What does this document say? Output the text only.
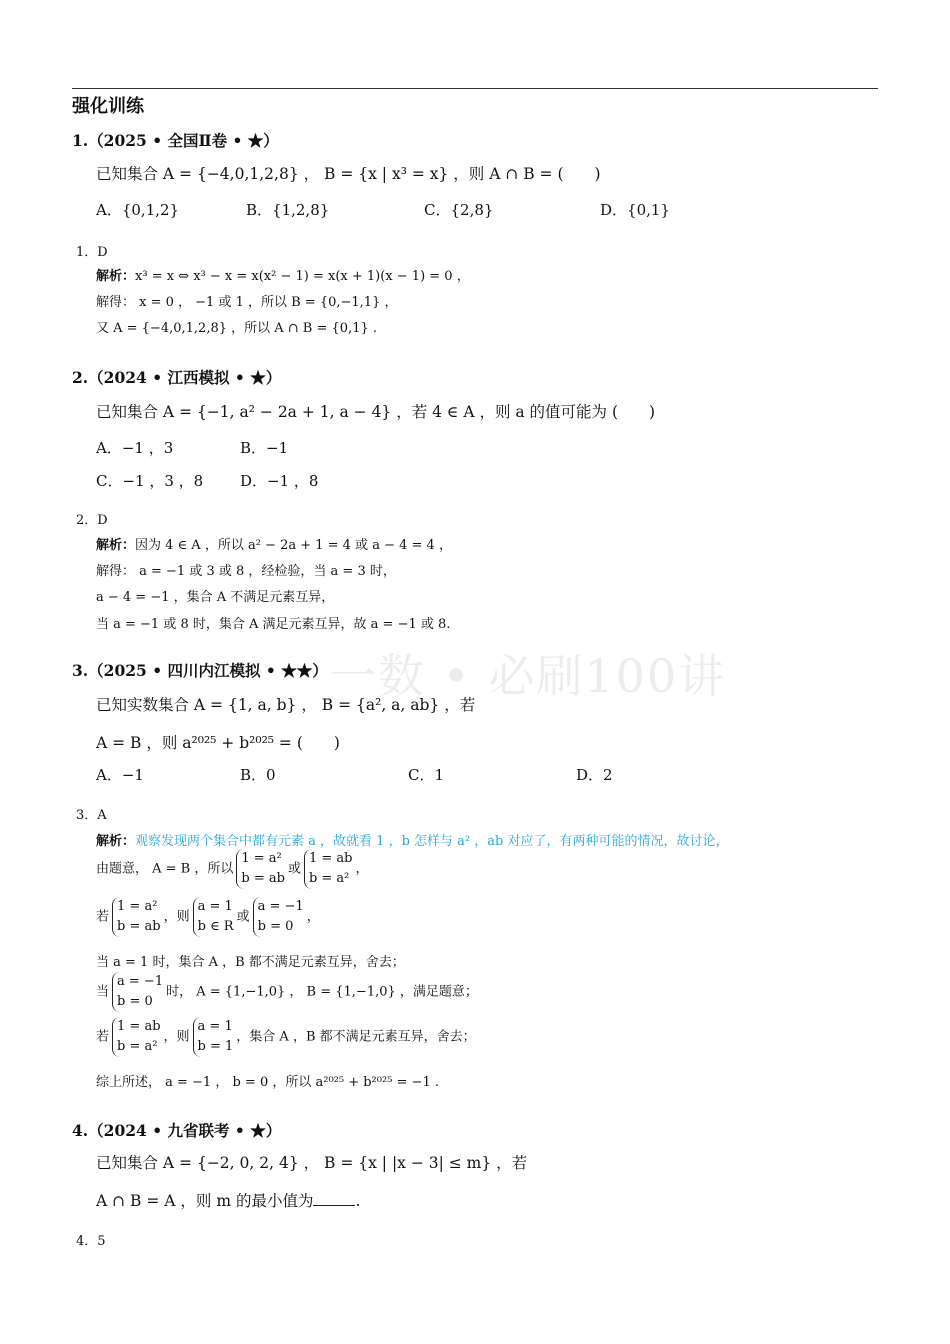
一数 • 必刷100讲
强化训练
1.（2025 • 全国Ⅱ卷 • ★）
已知集合 A = {−4,0,1,2,8} ， B = {x | x³ = x} ，则 A ∩ B = (　　)
A．{0,1,2}	B．{1,2,8}	C．{2,8}	D．{0,1}
1．D
解析：x³ = x ⇔ x³ − x = x(x² − 1) = x(x + 1)(x − 1) = 0 ，
解得： x = 0 ， −1 或 1 ，所以 B = {0,−1,1} ，
又 A = {−4,0,1,2,8} ，所以 A ∩ B = {0,1} .
2.（2024 • 江西模拟 • ★）
已知集合 A = {−1, a² − 2a + 1, a − 4} ，若 4 ∈ A ，则 a 的值可能为 (　　)
A．−1 ，3	B．−1
C．−1 ，3 ，8 D．−1 ，8
2．D
解析：因为 4 ∈ A ，所以 a² − 2a + 1 = 4 或 a − 4 = 4 ，
解得： a = −1 或 3 或 8 ，经检验，当 a = 3 时，
a − 4 = −1 ，集合 A 不满足元素互异，
当 a = −1 或 8 时，集合 A 满足元素互异，故 a = −1 或 8.
3.（2025 • 四川内江模拟 • ★★）
已知实数集合 A = {1, a, b} ， B = {a², a, ab} ，若
A = B ，则 a²⁰²⁵ + b²⁰²⁵ = (　　)
A．−1	B．0	C．1	D．2
3．A
解析：观察发现两个集合中都有元素 a ，故就看 1 ，b 怎样与 a² ，ab 对应了，有两种可能的情况，故讨论，
由题意， A = B ，所以
1 = a²
b = ab
或
1 = ab
b = a²
，
若
1 = a²
b = ab
，则
a = 1
b ∈ R
或
a = −1
b = 0
，
当 a = 1 时，集合 A ，B 都不满足元素互异，舍去；
当
a = −1
b = 0
时， A = {1,−1,0} ， B = {1,−1,0} ，满足题意；
若
1 = ab
b = a²
，则
a = 1
b = 1
，集合 A ，B 都不满足元素互异，舍去；
综上所述， a = −1 ， b = 0 ，所以 a²⁰²⁵ + b²⁰²⁵ = −1 .
4.（2024 • 九省联考 • ★）
已知集合 A = {−2, 0, 2, 4} ， B = {x | |x − 3| ≤ m} ，若
A ∩ B = A ，则 m 的最小值为	.
4．5
